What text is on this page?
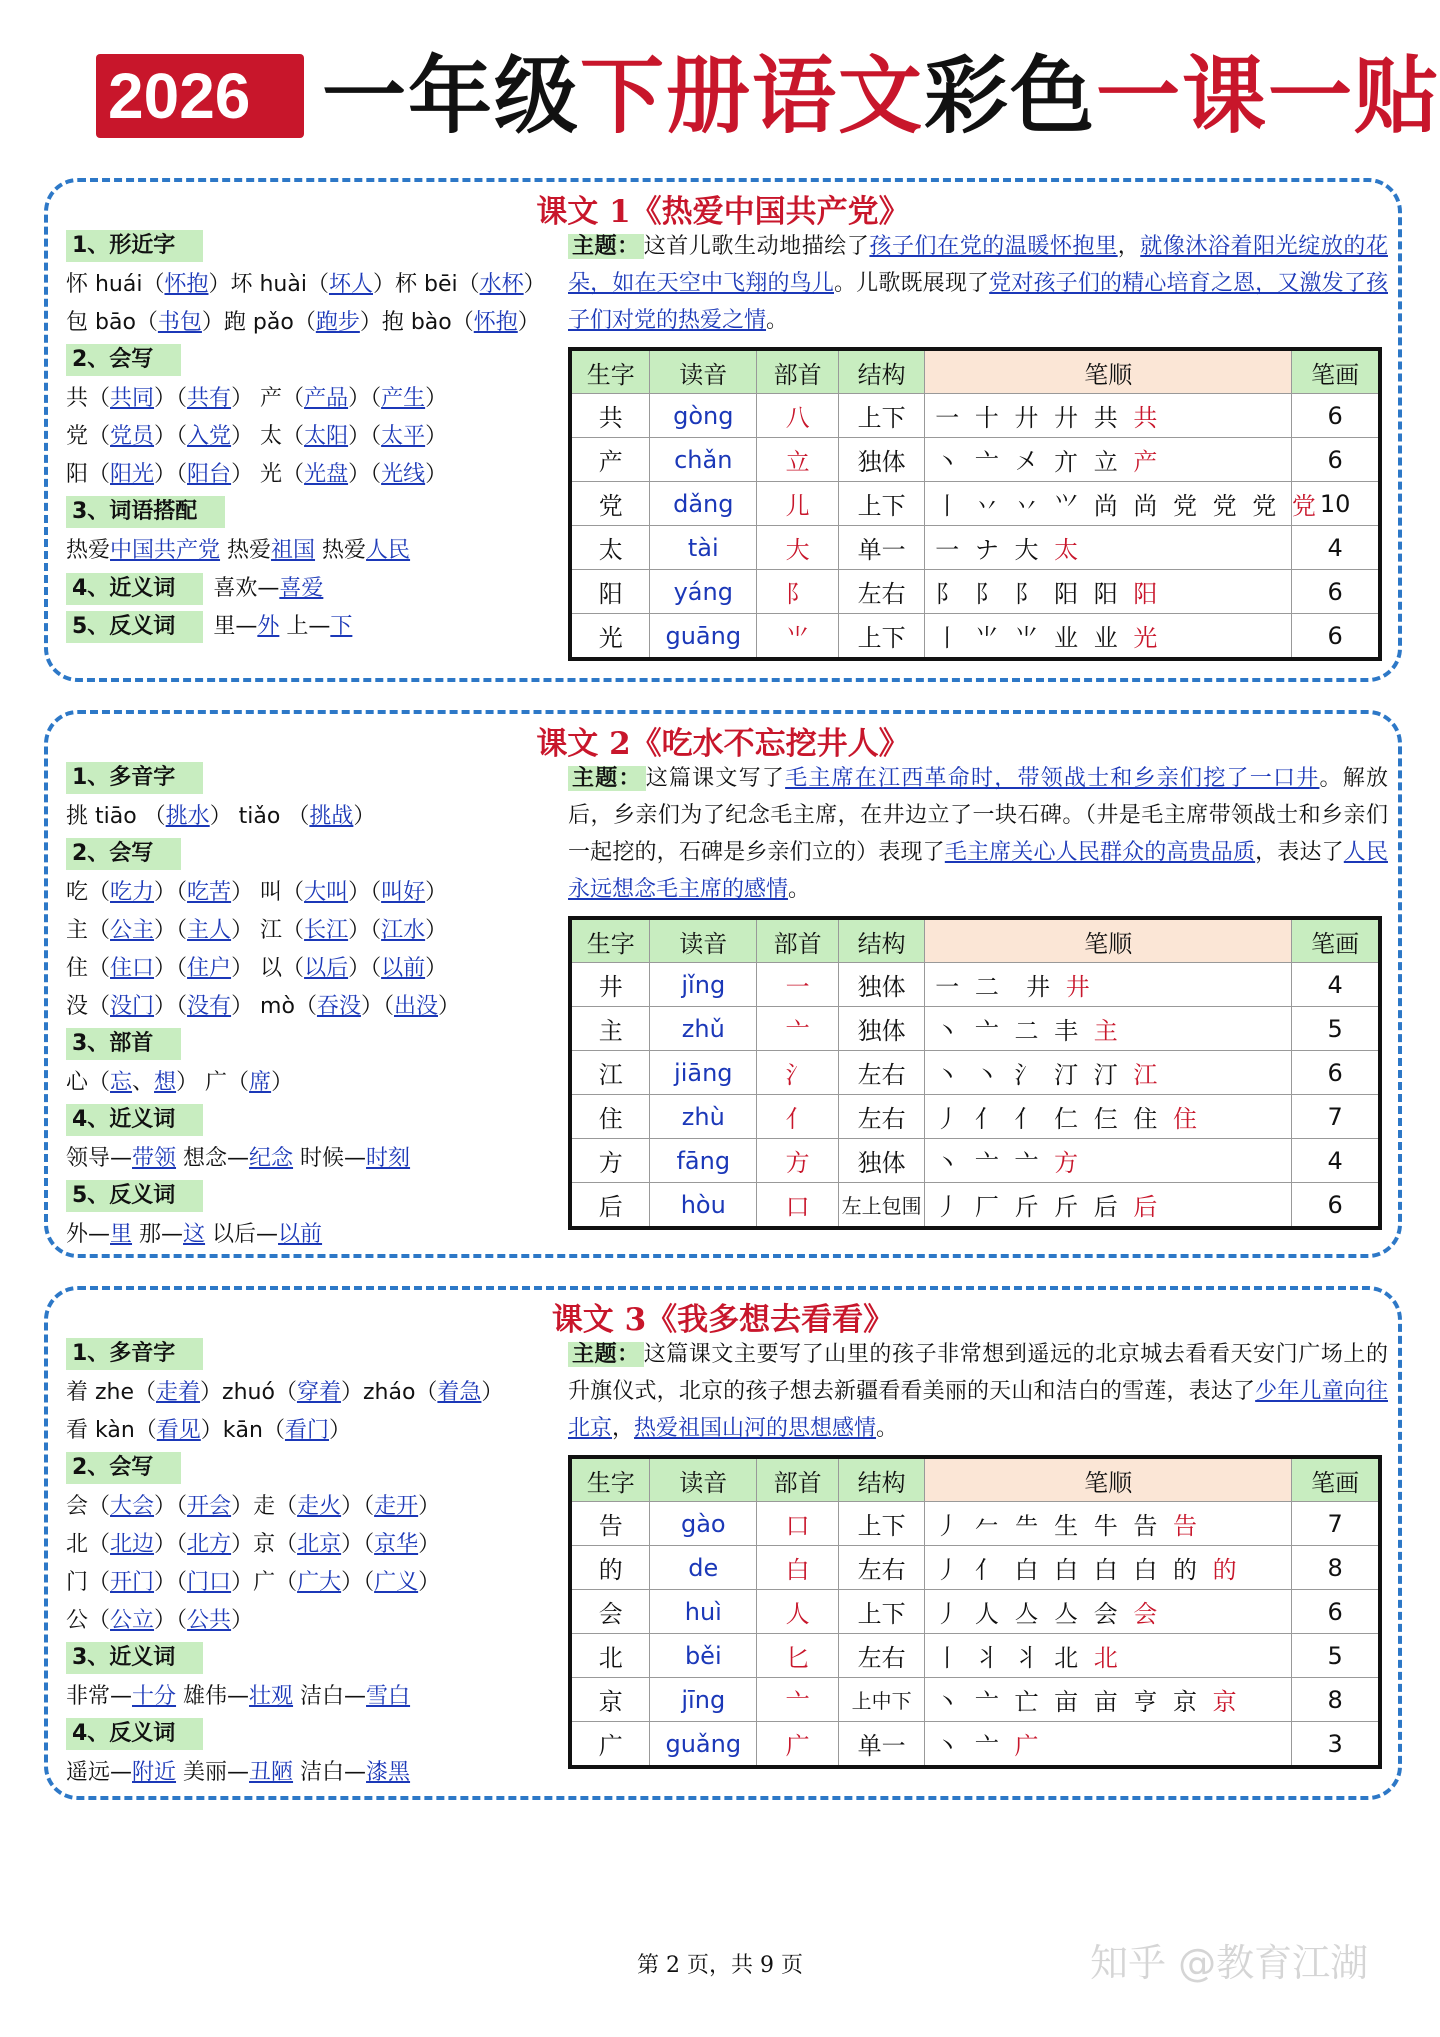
2026新
一年级下册语文彩色一课一贴
课文 1《热爱中国共产党》
1、形近字
怀 huái（怀抱）坏 huài（坏人）杯 bēi（水杯）
包 bāo（书包）跑 pǎo（跑步）抱 bào（怀抱）
2、会写
共（共同）（共有） 产（产品）（产生）
党（党员）（入党） 太（太阳）（太平）
阳（阳光）（阳台） 光（光盘）（光线）
3、词语搭配
热爱中国共产党 热爱祖国 热爱人民
4、近义词 喜欢—喜爱
5、反义词 里—外 上—下
主题： 这首儿歌生动地描绘了孩子们在党的温暖怀抱里，就像沐浴着阳光绽放的花朵，如在天空中飞翔的鸟儿。儿歌既展现了党对孩子们的精心培育之恩，又激发了孩子们对党的热爱之情。
生字	读音	部首	结构	笔顺	笔画
共	gòng	八	上下	一 十 廾 廾 共 共	6
产	chǎn	立	独体	丶 亠 㐅 亣 立 产	6
党	dǎng	儿	上下	丨 丷 丷 ⺍ 尚 尚 党 党 党 党	10
太	tài	大	单一	一 ナ 大 太	4
阳	yáng	阝	左右	⻖ 阝 阝 阳 阳 阳	6
光	guāng	⺌	上下	丨 ⺌ ⺌ 业 业 光	6
课文 2《吃水不忘挖井人》
1、多音字
挑 tiāo （挑水） tiǎo （挑战）
2、会写
吃（吃力）（吃苦） 叫（大叫）（叫好）
主（公主）（主人） 江（长江）（江水）
住（住口）（住户） 以（以后）（以前）
没（没门）（没有） mò（吞没）（出没）
3、部首
心（忘、想） 广（席）
4、近义词
领导—带领 想念—纪念 时候—时刻
5、反义词
外—里 那—这 以后—以前
主题： 这篇课文写了毛主席在江西革命时，带领战士和乡亲们挖了一口井。解放后，乡亲们为了纪念毛主席，在井边立了一块石碑。（井是毛主席带领战士和乡亲们一起挖的，石碑是乡亲们立的）表现了毛主席关心人民群众的高贵品质，表达了人民永远想念毛主席的感情。
生字	读音	部首	结构	笔顺	笔画
井	jǐng	一	独体	一 二 ‍ 井 井	4
主	zhǔ	亠	独体	丶 亠 二 丰 主	5
江	jiāng	氵	左右	丶 丶 氵 汀 汀 江	6
住	zhù	亻	左右	丿 亻 亻 仁 仨 住 住	7
方	fāng	方	独体	丶 亠 亠 方	4
后	hòu	口	左上包围	丿 厂 斤 斤 后 后	6
课文 3《我多想去看看》
1、多音字
着 zhe（走着）zhuó（穿着）zháo（着急）
看 kàn（看见）kān（看门）
2、会写
会（大会）（开会）走（走火）（走开）
北（北边）（北方）京（北京）（京华）
门（开门）（门口）广（广大）（广义）
公（公立）（公共）
3、近义词
非常—十分 雄伟—壮观 洁白—雪白
4、反义词
遥远—附近 美丽—丑陋 洁白—漆黑
主题： 这篇课文主要写了山里的孩子非常想到遥远的北京城去看看天安门广场上的升旗仪式，北京的孩子想去新疆看看美丽的天山和洁白的雪莲，表达了少年儿童向往北京，热爱祖国山河的思想感情。
生字	读音	部首	结构	笔顺	笔画
告	gào	口	上下	丿 𠂉 ⺧ 生 牛 告 告	7
的	de	白	左右	丿 亻 白 白 白 白 的 的	8
会	huì	人	上下	丿 人 亼 亼 会 会	6
北	běi	匕	左右	丨 丬 丬 北 北	5
京	jīng	亠	上中下	丶 亠 亡 亩 亩 亨 京 京	8
广	guǎng	广	单一	丶 亠 广	3
第 2 页，共 9 页	知乎 @教育江湖
